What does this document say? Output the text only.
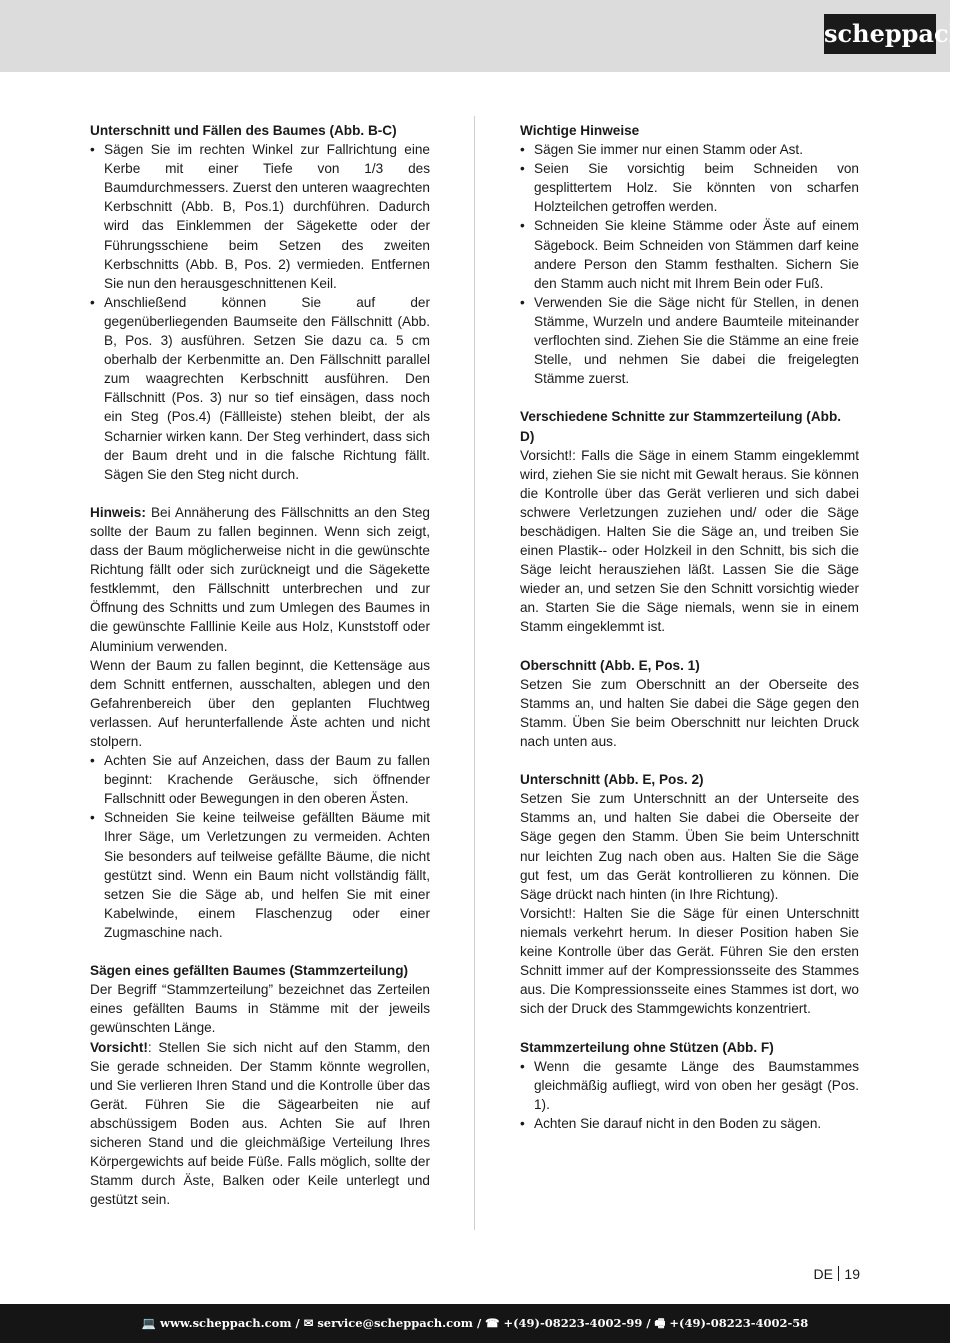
scheppach

Unterschnitt und Fällen des Baumes (Abb. B-C)

• Sägen Sie im rechten Winkel zur Fallrichtung eine Kerbe mit einer Tiefe von 1/3 des Baumdurchmessers. Zuerst den unteren waagrechten Kerbschnitt (Abb. B, Pos.1) durchführen. Dadurch wird das Einklemmen der Sägekette oder der Führungsschiene beim Setzen des zweiten Kerbschnitts (Abb. B, Pos. 2) vermieden. Entfernen Sie nun den herausgeschnittenen Keil.
• Anschließend können Sie auf der gegenüberliegenden Baumseite den Fällschnitt (Abb. B, Pos. 3) ausführen. Setzen Sie dazu ca. 5 cm oberhalb der Kerbenmitte an. Den Fällschnitt parallel zum waagrechten Kerbschnitt ausführen. Den Fällschnitt (Pos. 3) nur so tief einsägen, dass noch ein Steg (Pos.4) (Fällleiste) stehen bleibt, der als Scharnier wirken kann. Der Steg verhindert, dass sich der Baum dreht und in die falsche Richtung fällt. Sägen Sie den Steg nicht durch.

Hinweis: Bei Annäherung des Fällschnitts an den Steg sollte der Baum zu fallen beginnen. Wenn sich zeigt, dass der Baum möglicherweise nicht in die gewünschte Richtung fällt oder sich zurückneigt und die Sägekette festklemmt, den Fällschnitt unterbrechen und zur Öffnung des Schnitts und zum Umlegen des Baumes in die gewünschte Falllinie Keile aus Holz, Kunststoff oder Aluminium verwenden.

Wenn der Baum zu fallen beginnt, die Kettensäge aus dem Schnitt entfernen, ausschalten, ablegen und den Gefahrenbereich über den geplanten Fluchtweg verlassen. Auf herunterfallende Äste achten und nicht stolpern.

• Achten Sie auf Anzeichen, dass der Baum zu fallen beginnt: Krachende Geräusche, sich öffnender Fallschnitt oder Bewegungen in den oberen Ästen.
• Schneiden Sie keine teilweise gefällten Bäume mit Ihrer Säge, um Verletzungen zu vermeiden. Achten Sie besonders auf teilweise gefällte Bäume, die nicht gestützt sind. Wenn ein Baum nicht vollständig fällt, setzen Sie die Säge ab, und helfen Sie mit einer Kabelwinde, einem Flaschenzug oder einer Zugmaschine nach.

Sägen eines gefällten Baumes (Stammzerteilung)

Der Begriff “Stammzerteilung” bezeichnet das Zerteilen eines gefällten Baums in Stämme mit der jeweils gewünschten Länge.

Vorsicht!: Stellen Sie sich nicht auf den Stamm, den Sie gerade schneiden. Der Stamm könnte wegrollen, und Sie verlieren Ihren Stand und die Kontrolle über das Gerät. Führen Sie die Sägearbeiten nie auf abschüssigem Boden aus. Achten Sie auf Ihren sicheren Stand und die gleichmäßige Verteilung Ihres Körpergewichts auf beide Füße. Falls möglich, sollte der Stamm durch Äste, Balken oder Keile unterlegt und gestützt sein.

Wichtige Hinweise

• Sägen Sie immer nur einen Stamm oder Ast.
• Seien Sie vorsichtig beim Schneiden von gesplittertem Holz. Sie könnten von scharfen Holzteilchen getroffen werden.
• Schneiden Sie kleine Stämme oder Äste auf einem Sägebock. Beim Schneiden von Stämmen darf keine andere Person den Stamm festhalten. Sichern Sie den Stamm auch nicht mit Ihrem Bein oder Fuß.
• Verwenden Sie die Säge nicht für Stellen, in denen Stämme, Wurzeln und andere Baumteile miteinander verflochten sind. Ziehen Sie die Stämme an eine freie Stelle, und nehmen Sie dabei die freigelegten Stämme zuerst.

Verschiedene Schnitte zur Stammzerteilung (Abb. D)

Vorsicht!: Falls die Säge in einem Stamm eingeklemmt wird, ziehen Sie sie nicht mit Gewalt heraus. Sie können die Kontrolle über das Gerät verlieren und sich dabei schwere Verletzungen zuziehen und/ oder die Säge beschädigen. Halten Sie die Säge an, und treiben Sie einen Plastik-- oder Holzkeil in den Schnitt, bis sich die Säge leicht herausziehen läßt. Lassen Sie die Säge wieder an, und setzen Sie den Schnitt vorsichtig wieder an. Starten Sie die Säge niemals, wenn sie in einem Stamm eingeklemmt ist.

Oberschnitt (Abb. E, Pos. 1)

Setzen Sie zum Oberschnitt an der Oberseite des Stamms an, und halten Sie dabei die Säge gegen den Stamm. Üben Sie beim Oberschnitt nur leichten Druck nach unten aus.

Unterschnitt (Abb. E, Pos. 2)

Setzen Sie zum Unterschnitt an der Unterseite des Stamms an, und halten Sie dabei die Oberseite der Säge gegen den Stamm. Üben Sie beim Unterschnitt nur leichten Zug nach oben aus. Halten Sie die Säge gut fest, um das Gerät kontrollieren zu können. Die Säge drückt nach hinten (in Ihre Richtung).

Vorsicht!: Halten Sie die Säge für einen Unterschnitt niemals verkehrt herum. In dieser Position haben Sie keine Kontrolle über das Gerät. Führen Sie den ersten Schnitt immer auf der Kompressionsseite des Stammes aus. Die Kompressionsseite eines Stammes ist dort, wo sich der Druck des Stammgewichts konzentriert.

Stammzerteilung ohne Stützen (Abb. F)

• Wenn die gesamte Länge des Baumstammes gleichmäßig aufliegt, wird von oben her gesägt (Pos. 1).
• Achten Sie darauf nicht in den Boden zu sägen.
DE 19
💻 www.scheppach.com / ✉ service@scheppach.com / ☎ +(49)-08223-4002-99 / 🖷 +(49)-08223-4002-58
